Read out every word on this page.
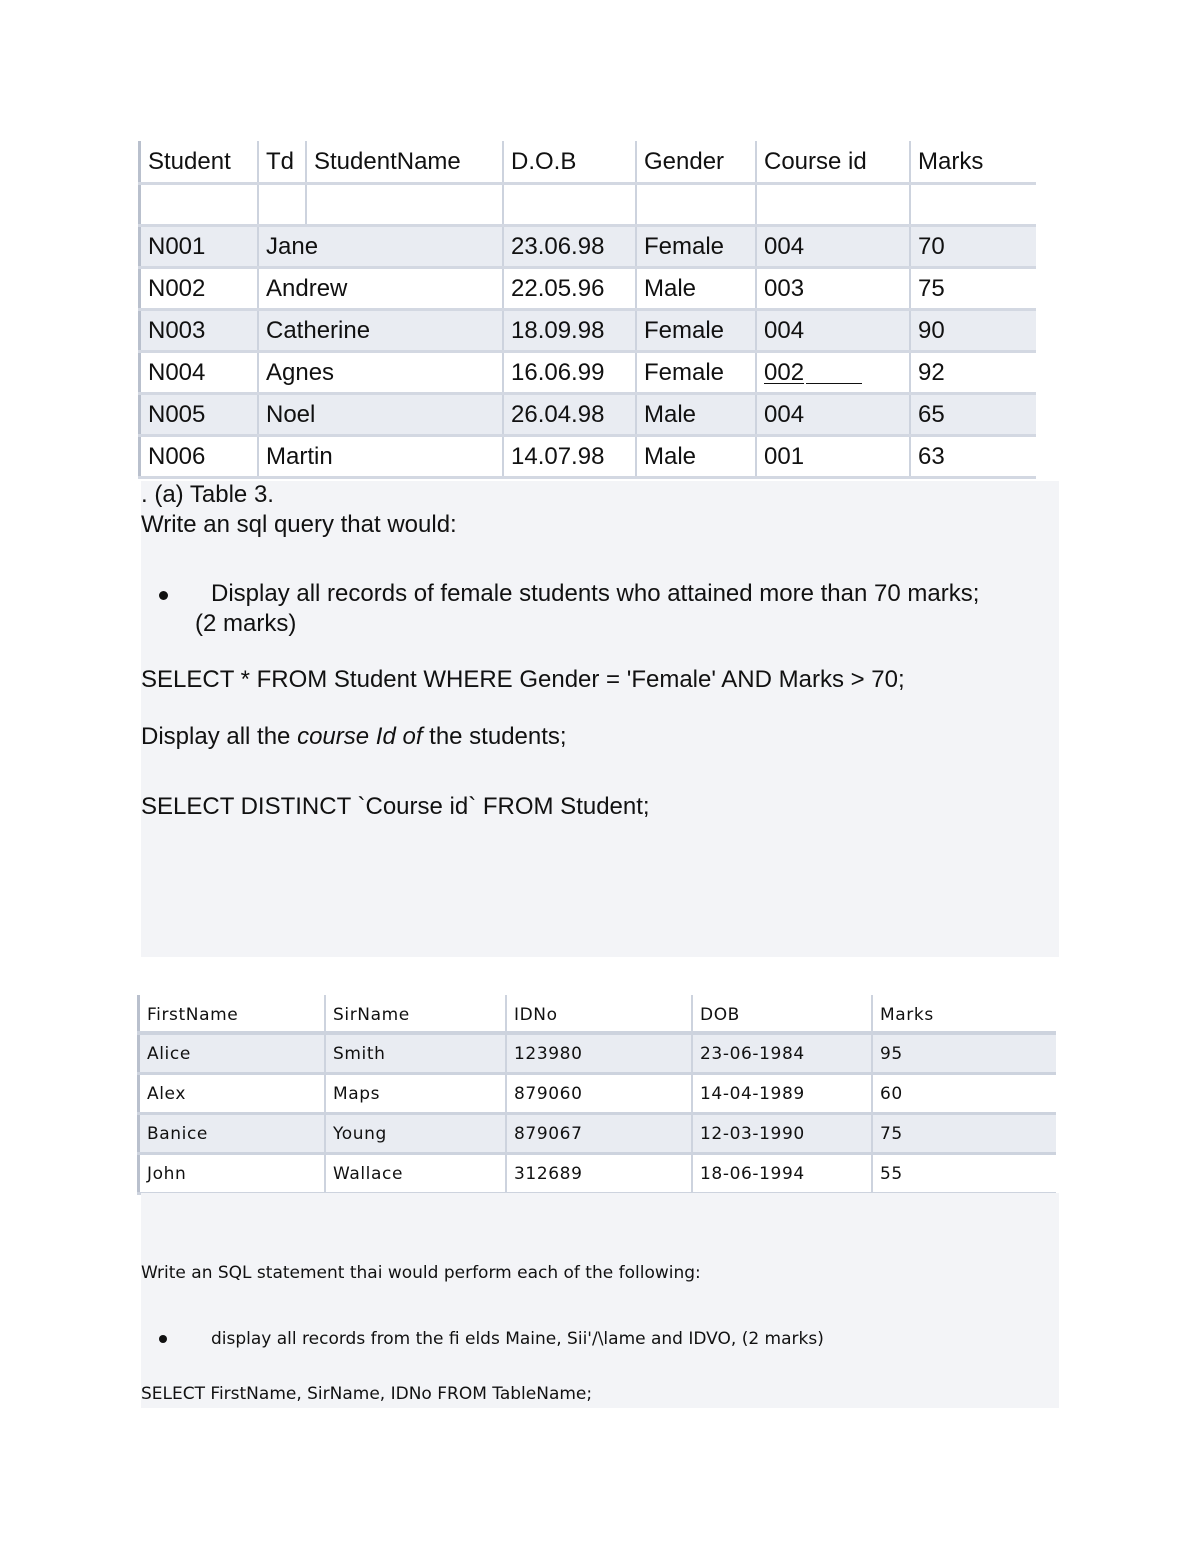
Student	Td StudentName	D.O.B	Gender	Course id	Marks
N001	Jane	23.06.98	Female	004	70
N002	Andrew	22.05.96	Male	003	75
N003	Catherine	18.09.98	Female	004	90
N004	Agnes	16.06.99	Female	002	92
N005	Noel	26.04.98	Male	004	65
N006	Martin	14.07.98	Male	001	63
. (a) Table 3.
Write an sql query that would:
Display all records of female students who attained more than 70 marks;
(2 marks)
SELECT * FROM Student WHERE Gender = 'Female' AND Marks > 70;
Display all the course Id of the students;
SELECT DISTINCT `Course id` FROM Student;
FirstName	SirName	IDNo	DOB	Marks
Alice	Smith	123980	23-06-1984	95
Alex	Maps	879060	14-04-1989	60
Banice	Young	879067	12-03-1990	75
John	Wallace	312689	18-06-1994	55
Write an SQL statement thai would perform each of the following:
display all records from the fi elds Maine, Sii'/\lame and IDVO, (2 marks)
SELECT FirstName, SirName, IDNo FROM TableName;
